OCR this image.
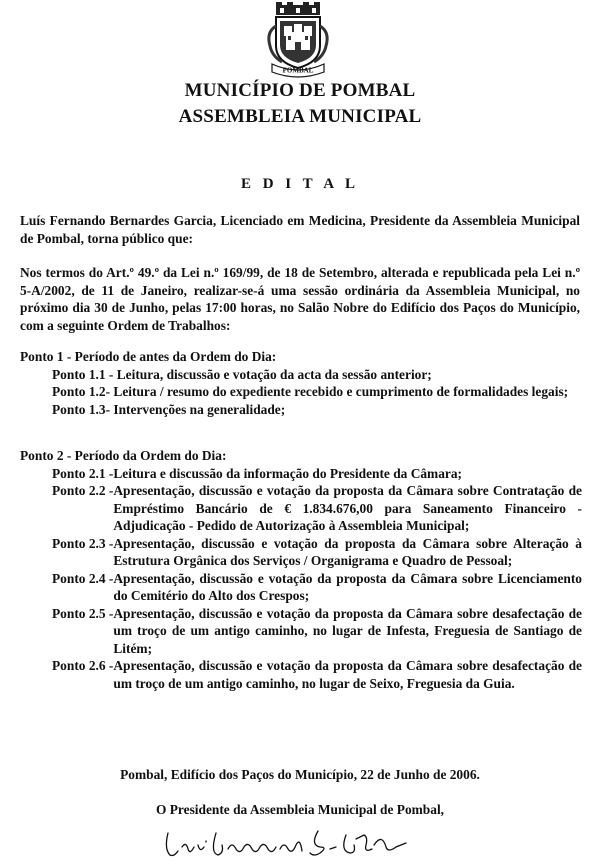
POMBAL
MUNICÍPIO DE POMBAL
ASSEMBLEIA MUNICIPAL
E D I T A L
Luís Fernando Bernardes Garcia, Licenciado em Medicina, Presidente da Assembleia Municipal de Pombal, torna público que:
Nos termos do Art.º 49.º da Lei n.º 169/99, de 18 de Setembro, alterada e republicada pela Lei n.º 5-A/2002, de 11 de Janeiro, realizar-se-á uma sessão ordinária da Assembleia Municipal, no próximo dia 30 de Junho, pelas 17:00 horas, no Salão Nobre do Edifício dos Paços do Município, com a seguinte Ordem de Trabalhos:
Ponto 1 - Período de antes da Ordem do Dia:
Ponto 1.1 - Leitura, discussão e votação da acta da sessão anterior;
Ponto 1.2- Leitura / resumo do expediente recebido e cumprimento de formalidades legais;
Ponto 1.3- Intervenções na generalidade;
Ponto 2 - Período da Ordem do Dia:
Ponto 2.1 - Leitura e discussão da informação do Presidente da Câmara;
Ponto 2.2 - Apresentação, discussão e votação da proposta da Câmara sobre Contratação de Empréstimo Bancário de € 1.834.676,00 para Saneamento Financeiro - Adjudicação - Pedido de Autorização à Assembleia Municipal;
Ponto 2.3 - Apresentação, discussão e votação da proposta da Câmara sobre Alteração à Estrutura Orgânica dos Serviços / Organigrama e Quadro de Pessoal;
Ponto 2.4 - Apresentação, discussão e votação da proposta da Câmara sobre Licenciamento do Cemitério do Alto dos Crespos;
Ponto 2.5 - Apresentação, discussão e votação da proposta da Câmara sobre desafectação de um troço de um antigo caminho, no lugar de Infesta, Freguesia de Santiago de Litém;
Ponto 2.6 - Apresentação, discussão e votação da proposta da Câmara sobre desafectação de um troço de um antigo caminho, no lugar de Seixo, Freguesia da Guia.
Pombal, Edifício dos Paços do Município, 22 de Junho de 2006.
O Presidente da Assembleia Municipal de Pombal,
